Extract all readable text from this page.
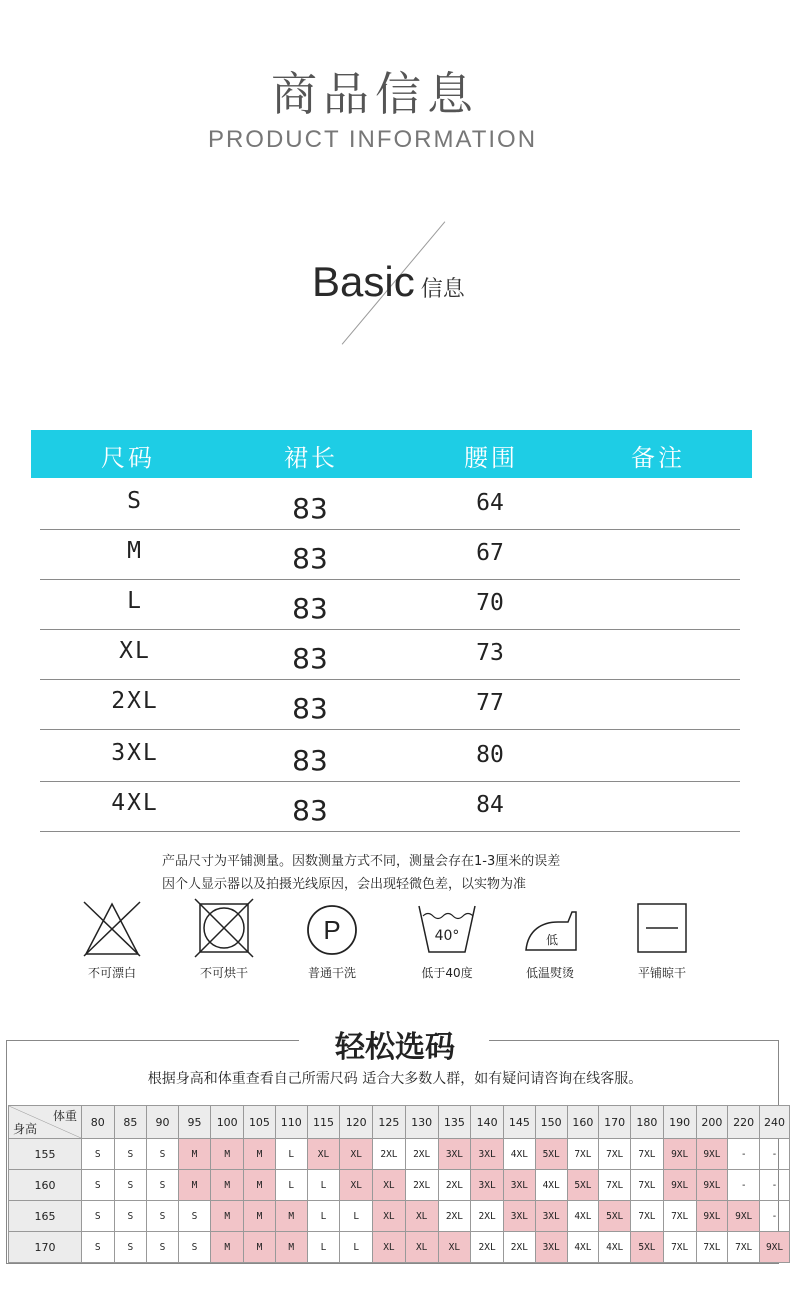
商品信息
PRODUCT INFORMATION
Basic 信息
尺码	裙长	腰围	备注
S	83	64
M	83	67
L	83	70
XL	83	73
2XL	83	77
3XL	83	80
4XL	83	84
产品尺寸为平铺测量。因数测量方式不同，测量会存在1-3厘米的误差
因个人显示器以及拍摄光线原因，会出现轻微色差，以实物为准
不可漂白	不可烘干
P
普通干洗
40°
低于40度
低
低温熨烫	平铺晾干
轻松选码
根据身高和体重查看自己所需尺码 适合大多数人群，如有疑问请咨询在线客服。
体重
身高	80	85	90	95	100	105	110	115	120	125	130	135	140	145	150	160	170	180	190	200	220	240
155	S	S	S	M	M	M	L	XL	XL	2XL	2XL	3XL	3XL	4XL	5XL	7XL	7XL	7XL	9XL	9XL	-	-
160	S	S	S	M	M	M	L	L	XL	XL	2XL	2XL	3XL	3XL	4XL	5XL	7XL	7XL	9XL	9XL	-	-
165	S	S	S	S	M	M	M	L	L	XL	XL	2XL	2XL	3XL	3XL	4XL	5XL	7XL	7XL	9XL	9XL	-
170	S	S	S	S	M	M	M	L	L	XL	XL	XL	2XL	2XL	3XL	4XL	4XL	5XL	7XL	7XL	7XL	9XL
